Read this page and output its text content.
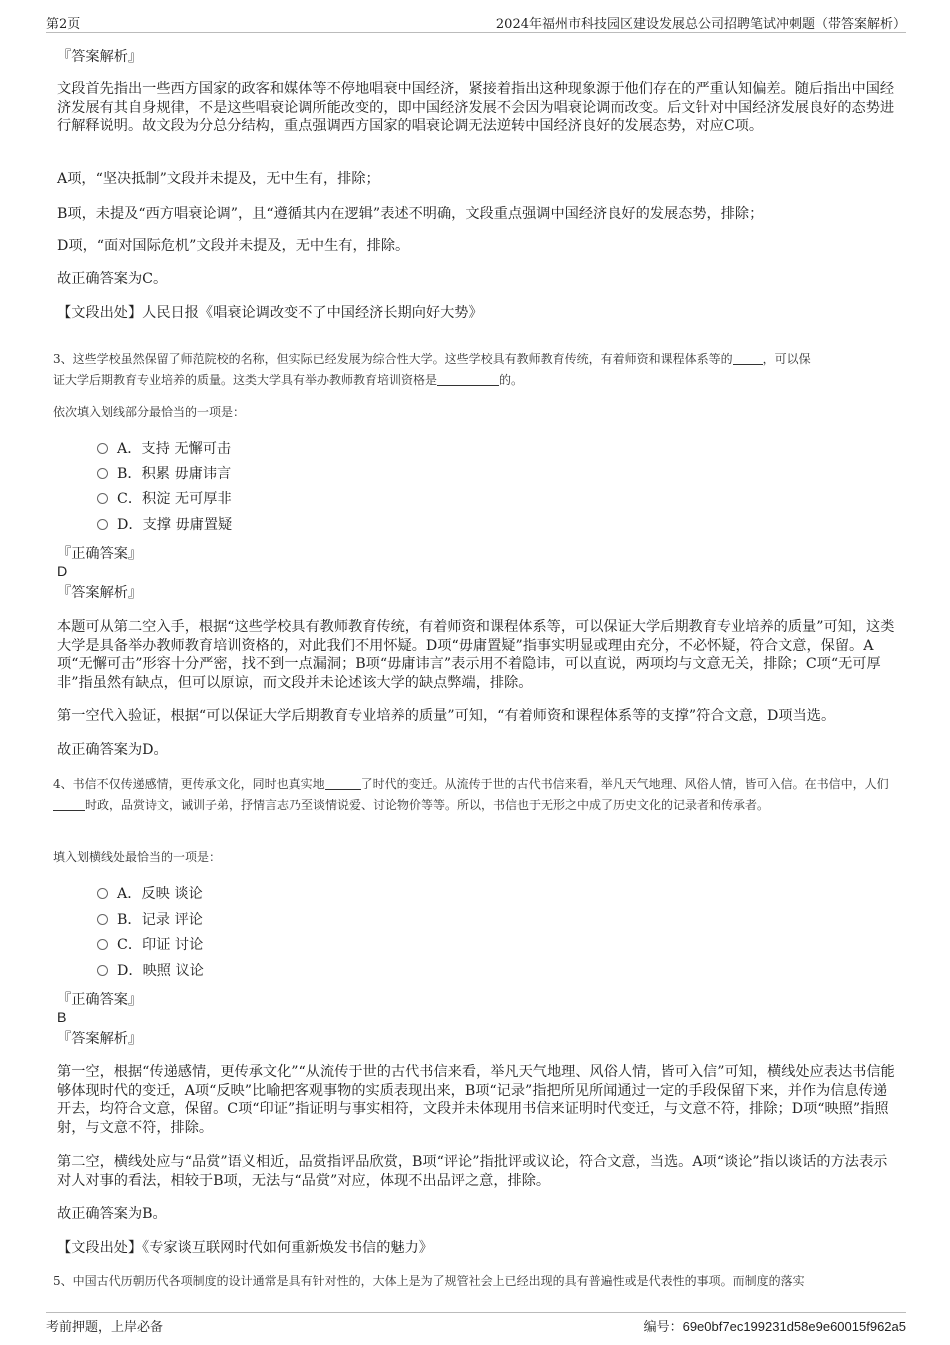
第2页	2024年福州市科技园区建设发展总公司招聘笔试冲刺题（带答案解析）
『答案解析』
文段首先指出一些西方国家的政客和媒体等不停地唱衰中国经济，紧接着指出这种现象源于他们存在的严重认知偏差。随后指出中国经济发展有其自身规律，不是这些唱衰论调所能改变的，即中国经济发展不会因为唱衰论调而改变。后文针对中国经济发展良好的态势进行解释说明。故文段为分总分结构，重点强调西方国家的唱衰论调无法逆转中国经济良好的发展态势，对应C项。
A项，“坚决抵制”文段并未提及，无中生有，排除；
B项，未提及“西方唱衰论调”，且“遵循其内在逻辑”表述不明确，文段重点强调中国经济良好的发展态势，排除；
D项，“面对国际危机”文段并未提及，无中生有，排除。
故正确答案为C。
【文段出处】人民日报《唱衰论调改变不了中国经济长期向好大势》
3、这些学校虽然保留了师范院校的名称，但实际已经发展为综合性大学。这些学校具有教师教育传统，有着师资和课程体系等的	，可以保
证大学后期教育专业培养的质量。这类大学具有举办教师教育培训资格是	的。
依次填入划线部分最恰当的一项是：
A．支持 无懈可击
B．积累 毋庸讳言
C．积淀 无可厚非
D．支撑 毋庸置疑
『正确答案』
D
『答案解析』
本题可从第二空入手，根据“这些学校具有教师教育传统，有着师资和课程体系等，可以保证大学后期教育专业培养的质量”可知，这类大学是具备举办教师教育培训资格的，对此我们不用怀疑。D项“毋庸置疑”指事实明显或理由充分，不必怀疑，符合文意，保留。A项“无懈可击”形容十分严密，找不到一点漏洞；B项“毋庸讳言”表示用不着隐讳，可以直说，两项均与文意无关，排除；C项“无可厚非”指虽然有缺点，但可以原谅，而文段并未论述该大学的缺点弊端，排除。
第一空代入验证，根据“可以保证大学后期教育专业培养的质量”可知，“有着师资和课程体系等的支撑”符合文意，D项当选。
故正确答案为D。
4、书信不仅传递感情，更传承文化，同时也真实地	了时代的变迁。从流传于世的古代书信来看，举凡天气地理、风俗人情，皆可入信。在书信中，人们时政，品赏诗文，诫训子弟，抒情言志乃至谈情说爱、讨论物价等等。所以，书信也于无形之中成了历史文化的记录者和传承者。
填入划横线处最恰当的一项是：
A．反映 谈论
B．记录 评论
C．印证 讨论
D．映照 议论
『正确答案』
B
『答案解析』
第一空，根据“传递感情，更传承文化”“从流传于世的古代书信来看，举凡天气地理、风俗人情，皆可入信”可知，横线处应表达书信能够体现时代的变迁，A项“反映”比喻把客观事物的实质表现出来，B项“记录”指把所见所闻通过一定的手段保留下来，并作为信息传递开去，均符合文意，保留。C项“印证”指证明与事实相符，文段并未体现用书信来证明时代变迁，与文意不符，排除；D项“映照”指照射，与文意不符，排除。
第二空，横线处应与“品赏”语义相近，品赏指评品欣赏，B项“评论”指批评或议论，符合文意，当选。A项“谈论”指以谈话的方法表示对人对事的看法，相较于B项，无法与“品赏”对应，体现不出品评之意，排除。
故正确答案为B。
【文段出处】《专家谈互联网时代如何重新焕发书信的魅力》
5、中国古代历朝历代各项制度的设计通常是具有针对性的，大体上是为了规管社会上已经出现的具有普遍性或是代表性的事项。而制度的落实
考前押题，上岸必备	编号：69e0bf7ec199231d58e9e60015f962a5
